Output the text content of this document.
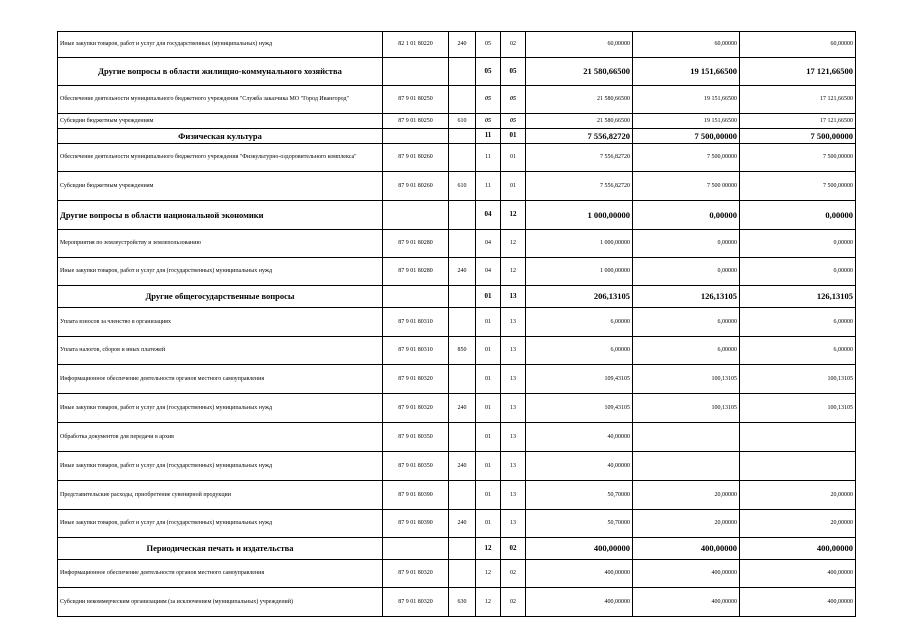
Иные закупки товаров, работ и услуг для государственных (муниципальных) нужд	82 1 01 80220	240	05	02	60,00000	60,00000	60,00000
Другие вопросы в области жилищно-коммунального хозяйства			05	05	21 580,66500	19 151,66500	17 121,66500
Обеспечение деятельности муниципального бюджетного учреждения "Служба заказчика МО "Город Ивангород"	87 9 01 80250		05	05	21 580,66500	19 151,66500	17 121,66500
Субсидии бюджетным учреждениям	87 9 01 80250	610	05	05	21 580,66500	19 151,66500	17 121,66500
Физическая культура			11	01	7 556,82720	7 500,00000	7 500,00000
Обеспечение деятельности муниципального бюджетного учреждения "Физкультурно-оздоровительного комплекса"	87 9 01 80260		11	01	7 556,82720	7 500,00000	7 500,00000
Субсидии бюджетным учреждениям	87 9 01 80260	610	11	01	7 556,82720	7 500 00000	7 500,00000
Другие вопросы в области национальной экономики			04	12	1 000,00000	0,00000	0,00000
Мероприятия по землеустройству и землепользованию	87 9 01 80280		04	12	1 000,00000	0,00000	0,00000
Иные закупки товаров, работ и услуг для (государственных) муниципальных нужд	87 9 01 80280	240	04	12	1 000,00000	0,00000	0,00000
Другие общегосударственные вопросы			01	13	206,13105	126,13105	126,13105
Уплата взносов за членство в организациях	87 9 01 80310		01	13	6,00000	6,00000	6,00000
Уплата налогов, сборов и иных платежей	87 9 01 80310	850	01	13	6,00000	6,00000	6,00000
Информационное обеспечение деятельности органов местного самоуправления	87 9 01 80320		01	13	109,43105	100,13105	100,13105
Иные закупки товаров, работ и услуг для (государственных) муниципальных нужд	87 9 01 80320	240	01	13	109,43105	100,13105	100,13105
Обработка документов для передачи в архив	87 9 01 80350		01	13	40,00000		
Иные закупки товаров, работ и услуг для (государственных) муниципальных нужд	87 9 01 80350	240	01	13	40,00000		
Представительские расходы, приобретение сувенирной продукции	87 9 01 80390		01	13	50,70000	20,00000	20,00000
Иные закупки товаров, работ и услуг для (государственных) муниципальных нужд	87 9 01 80390	240	01	13	50,70000	20,00000	20,00000
Периодическая печать и издательства			12	02	400,00000	400,00000	400,00000
Информационное обеспечение деятельности органов местного самоуправления	87 9 01 80320		12	02	400,00000	400,00000	400,00000
Субсидии некоммерческим организациям (за исключением (муниципальных) учреждений)	87 9 01 80320	630	12	02	400,00000	400,00000	400,00000
